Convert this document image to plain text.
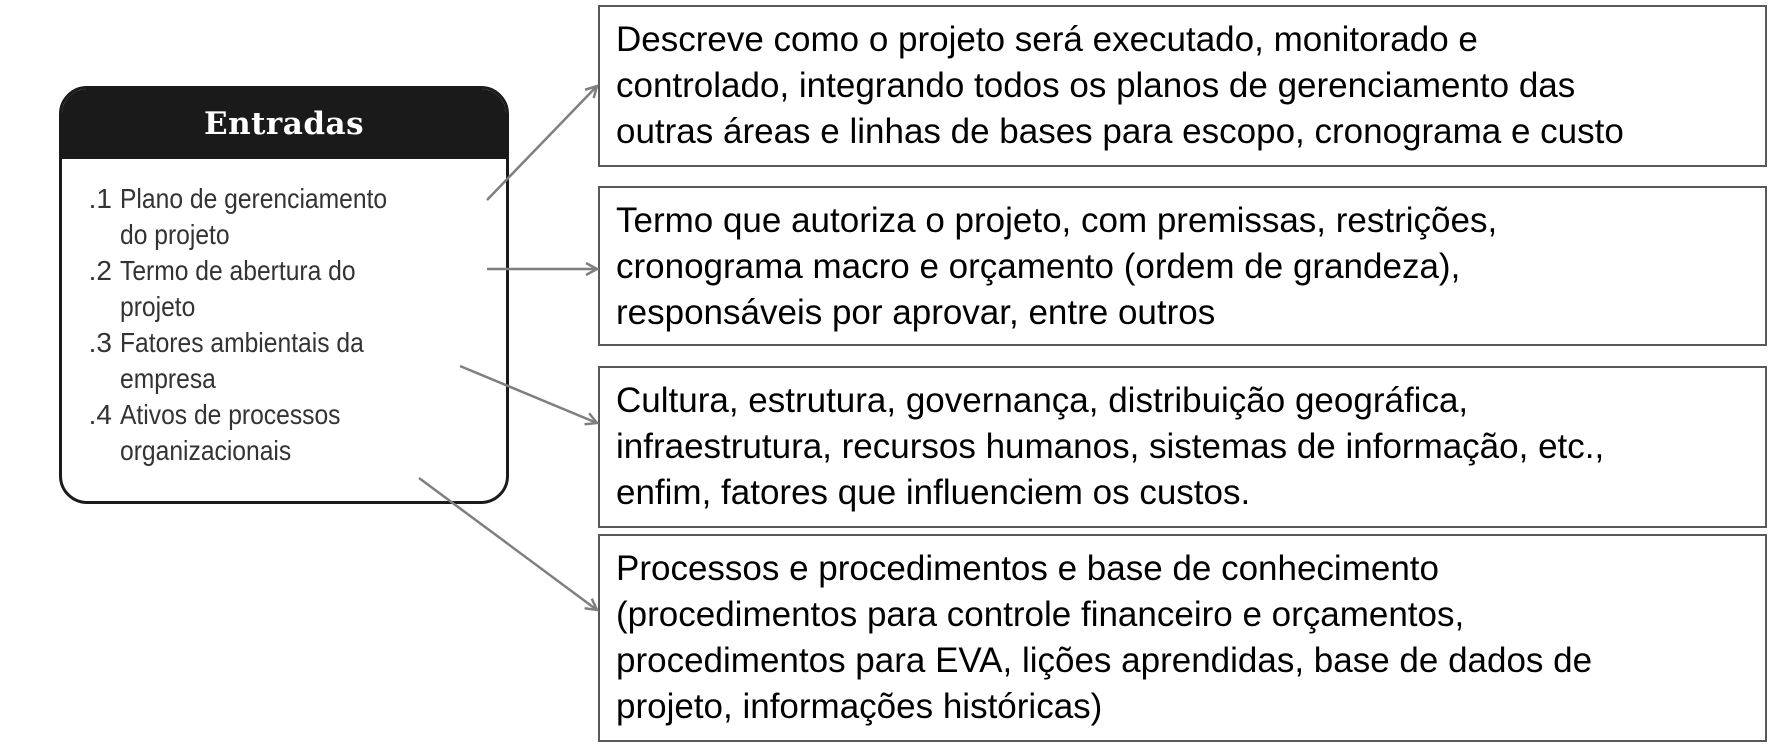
Entradas
.1 Plano de gerenciamento do projeto
.2 Termo de abertura do projeto
.3 Fatores ambientais da empresa
.4 Ativos de processos organizacionais
Descreve como o projeto será executado, monitorado e
controlado, integrando todos os planos de gerenciamento das
outras áreas e linhas de bases para escopo, cronograma e custo
Termo que autoriza o projeto, com premissas, restrições,
cronograma macro e orçamento (ordem de grandeza),
responsáveis por aprovar, entre outros
Cultura, estrutura, governança, distribuição geográfica,
infraestrutura, recursos humanos, sistemas de informação, etc.,
enfim, fatores que influenciem os custos.
Processos e procedimentos e base de conhecimento
(procedimentos para controle financeiro e orçamentos,
procedimentos para EVA, lições aprendidas, base de dados de
projeto, informações históricas)
